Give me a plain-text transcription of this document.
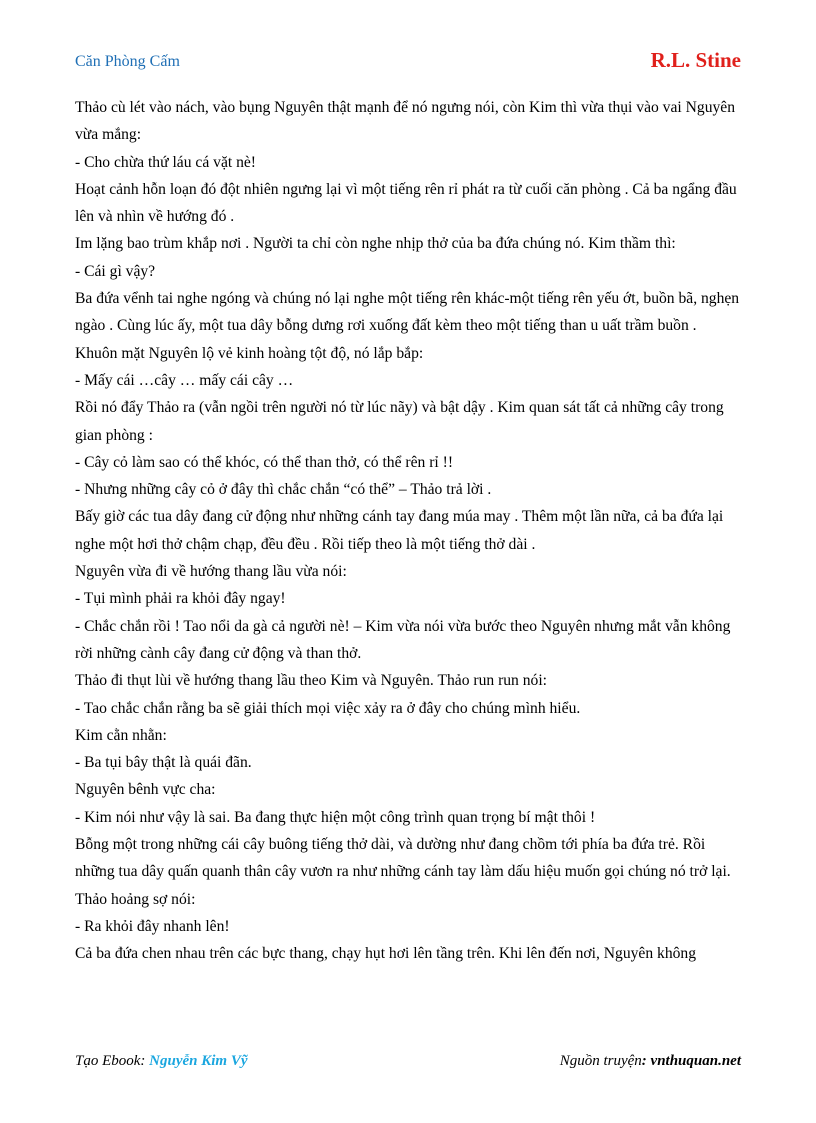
Căn Phòng Cấm	R.L. Stine

Thảo cù lét vào nách, vào bụng Nguyên thật mạnh để nó ngưng nói, còn Kim thì vừa thụi vào vai Nguyên vừa mắng:

- Cho chừa thứ láu cá vặt nè!

Hoạt cảnh hỗn loạn đó đột nhiên ngưng lại vì một tiếng rên rỉ phát ra từ cuối căn phòng . Cả ba ngẩng đầu lên và nhìn về hướng đó .

Im lặng bao trùm khắp nơi . Người ta chỉ còn nghe nhịp thở của ba đứa chúng nó. Kim thầm thì:

- Cái gì vậy?

Ba đứa vểnh tai nghe ngóng và chúng nó lại nghe một tiếng rên khác-một tiếng rên yếu ớt, buồn bã, nghẹn ngào . Cùng lúc ấy, một tua dây bỗng dưng rơi xuống đất kèm theo một tiếng than u uất trầm buồn .

Khuôn mặt Nguyên lộ vẻ kinh hoàng tột độ, nó lắp bắp:

- Mấy cái …cây … mấy cái cây …

Rồi nó đẩy Thảo ra (vẫn ngồi trên người nó từ lúc nãy) và bật dậy . Kim quan sát tất cả những cây trong gian phòng :

- Cây cỏ làm sao có thể khóc, có thể than thở, có thể rên rỉ !!

- Nhưng những cây cỏ ở đây thì chắc chắn “có thể” – Thảo trả lời .

Bấy giờ các tua dây đang cử động như những cánh tay đang múa may . Thêm một lần nữa, cả ba đứa lại nghe một hơi thở chậm chạp, đều đều . Rồi tiếp theo là một tiếng thở dài .

Nguyên vừa đi về hướng thang lầu vừa nói:

- Tụi mình phải ra khỏi đây ngay!

- Chắc chắn rồi ! Tao nổi da gà cả người nè! – Kim vừa nói vừa bước theo Nguyên nhưng mắt vẫn không rời những cành cây đang cử động và than thở.

Thảo đi thụt lùi về hướng thang lầu theo Kim và Nguyên. Thảo run run nói:

- Tao chắc chắn rằng ba sẽ giải thích mọi việc xảy ra ở đây cho chúng mình hiểu.

Kim cằn nhằn:

- Ba tụi bây thật là quái đãn.

Nguyên bênh vực cha:

- Kim nói như vậy là sai. Ba đang thực hiện một công trình quan trọng bí mật thôi !

Bỗng một trong những cái cây buông tiếng thở dài, và dường như đang chồm tới phía ba đứa trẻ. Rồi những tua dây quấn quanh thân cây vươn ra như những cánh tay làm dấu hiệu muốn gọi chúng nó trở lại.

Thảo hoảng sợ nói:

- Ra khỏi đây nhanh lên!

Cả ba đứa chen nhau trên các bực thang, chạy hụt hơi lên tầng trên. Khi lên đến nơi, Nguyên không

Tạo Ebook: Nguyễn Kim Vỹ	Nguồn truyện: vnthuquan.net
